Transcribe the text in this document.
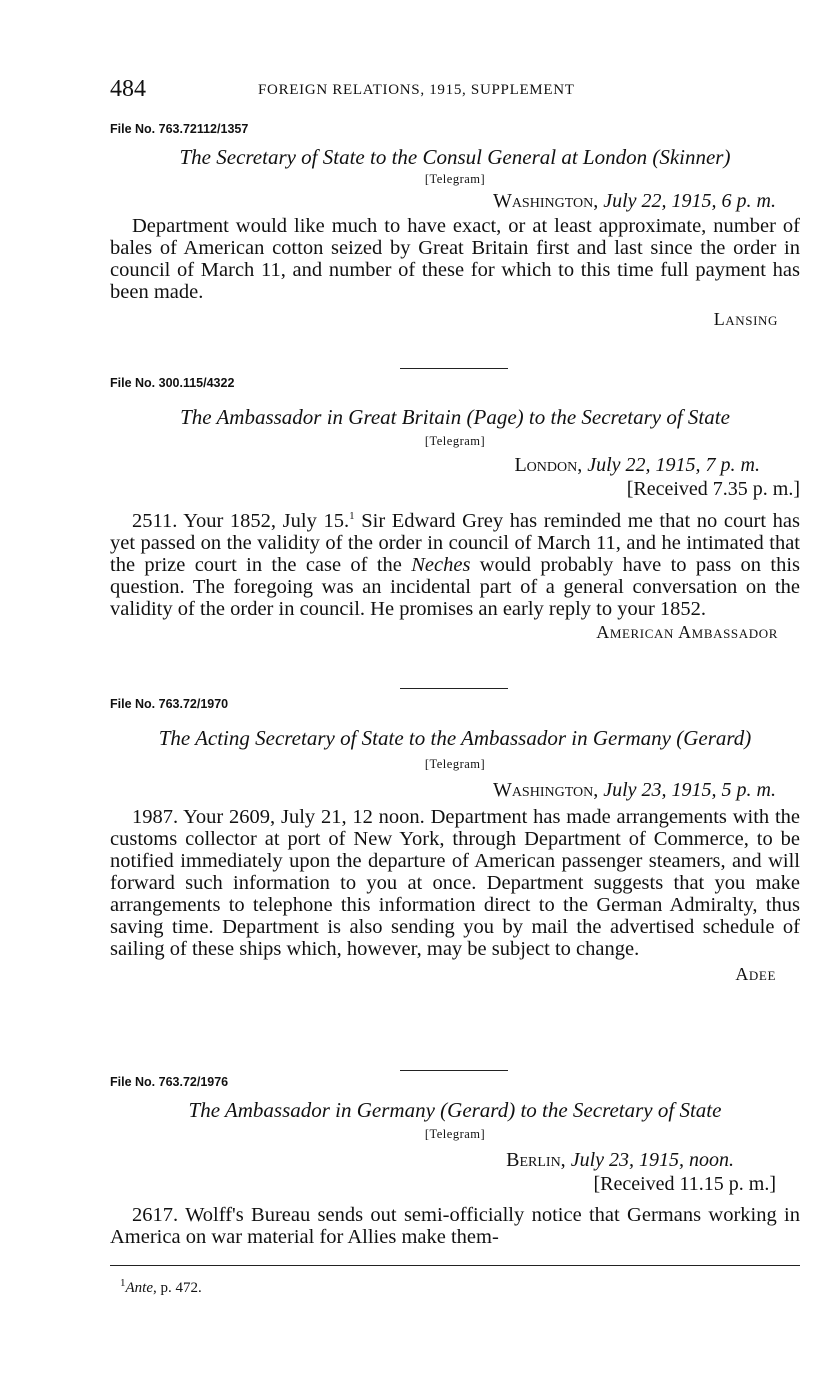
484	FOREIGN RELATIONS, 1915, SUPPLEMENT

File No. 763.72112/1357

The Secretary of State to the Consul General at London (Skinner)

[Telegram]

Washington, July 22, 1915, 6 p. m.

Department would like much to have exact, or at least approximate, number of bales of American cotton seized by Great Britain first and last since the order in council of March 11, and number of these for which to this time full payment has been made.

Lansing

File No. 300.115/4322

The Ambassador in Great Britain (Page) to the Secretary of State

[Telegram]

London, July 22, 1915, 7 p. m.

[Received 7.35 p. m.]

2511. Your 1852, July 15.$^1$ Sir Edward Grey has reminded me that no court has yet passed on the validity of the order in council of March 11, and he intimated that the prize court in the case of the Neches would probably have to pass on this question. The foregoing was an incidental part of a general conversation on the validity of the order in council. He promises an early reply to your 1852.

American Ambassador

File No. 763.72/1970

The Acting Secretary of State to the Ambassador in Germany (Gerard)

[Telegram]

Washington, July 23, 1915, 5 p. m.

1987. Your 2609, July 21, 12 noon. Department has made arrangements with the customs collector at port of New York, through Department of Commerce, to be notified immediately upon the departure of American passenger steamers, and will forward such information to you at once. Department suggests that you make arrangements to telephone this information direct to the German Admiralty, thus saving time. Department is also sending you by mail the advertised schedule of sailing of these ships which, however, may be subject to change.

Adee

File No. 763.72/1976

The Ambassador in Germany (Gerard) to the Secretary of State

[Telegram]

Berlin, July 23, 1915, noon.

[Received 11.15 p. m.]

2617. Wolff's Bureau sends out semi-officially notice that Germans working in America on war material for Allies make them-

$^1$Ante, p. 472.
